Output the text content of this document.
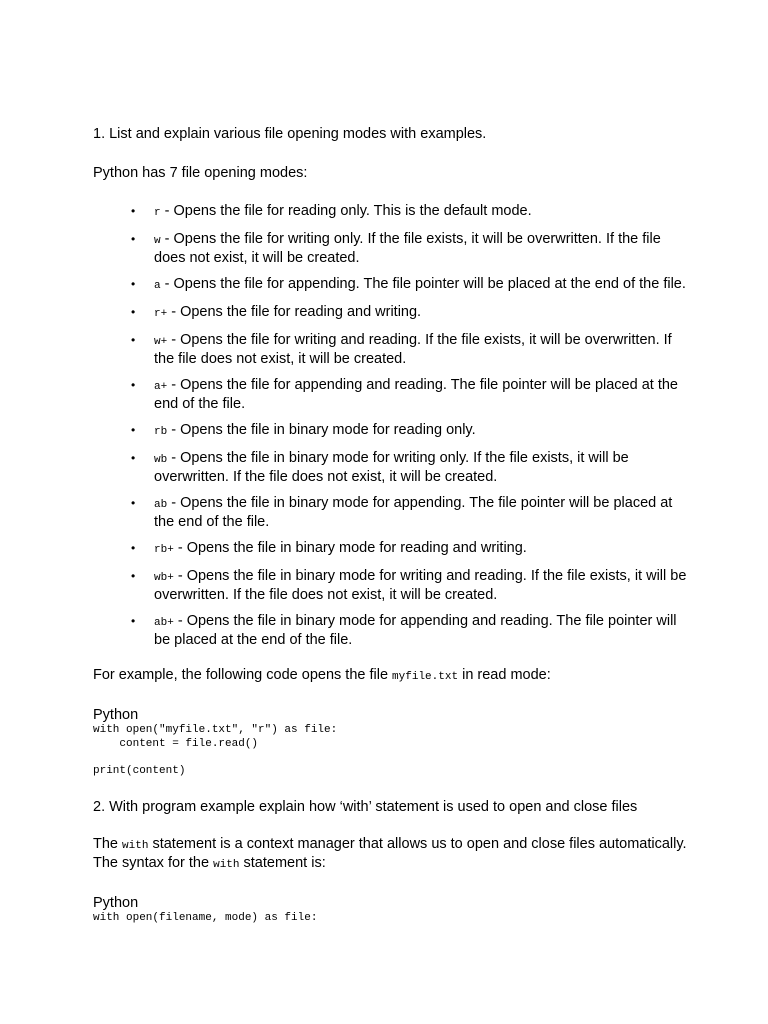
1. List and explain various file opening modes with examples.

Python has 7 file opening modes:

•	r - Opens the file for reading only. This is the default mode.
•	w - Opens the file for writing only. If the file exists, it will be overwritten. If the file does not exist, it will be created.
•	a - Opens the file for appending. The file pointer will be placed at the end of the file.
•	r+ - Opens the file for reading and writing.
•	w+ - Opens the file for writing and reading. If the file exists, it will be overwritten. If the file does not exist, it will be created.
•	a+ - Opens the file for appending and reading. The file pointer will be placed at the end of the file.
•	rb - Opens the file in binary mode for reading only.
•	wb - Opens the file in binary mode for writing only. If the file exists, it will be overwritten. If the file does not exist, it will be created.
•	ab - Opens the file in binary mode for appending. The file pointer will be placed at the end of the file.
•	rb+ - Opens the file in binary mode for reading and writing.
•	wb+ - Opens the file in binary mode for writing and reading. If the file exists, it will be overwritten. If the file does not exist, it will be created.
•	ab+ - Opens the file in binary mode for appending and reading. The file pointer will be placed at the end of the file.

For example, the following code opens the file myfile.txt in read mode:

Python

with open("myfile.txt", "r") as file:
content = file.read()

print(content)

2. With program example explain how ‘with’ statement is used to open and close files

The with statement is a context manager that allows us to open and close files automatically. The syntax for the with statement is:

Python

with open(filename, mode) as file:
